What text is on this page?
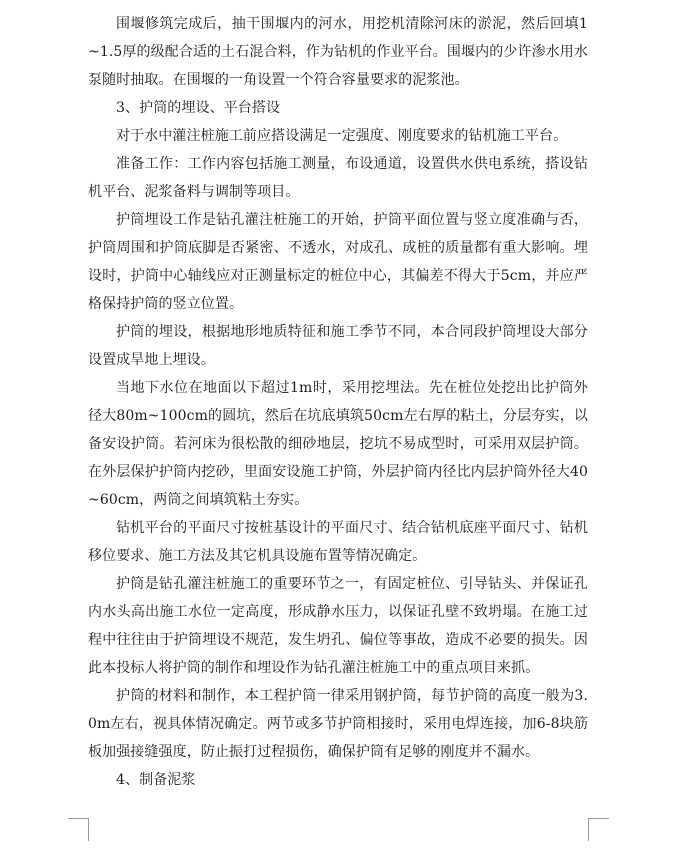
围堰修筑完成后，抽干围堰内的河水，用挖机清除河床的淤泥，然后回填1~1.5厚的级配合适的土石混合料，作为钻机的作业平台。围堰内的少许渗水用水泵随时抽取。在围堰的一角设置一个符合容量要求的泥浆池。

3、护筒的埋设、平台搭设

对于水中灌注桩施工前应搭设满足一定强度、刚度要求的钻机施工平台。

准备工作：工作内容包括施工测量，布设通道，设置供水供电系统，搭设钻机平台、泥浆备料与调制等项目。

护筒埋设工作是钻孔灌注桩施工的开始，护筒平面位置与竖立度准确与否，护筒周围和护筒底脚是否紧密、不透水，对成孔、成桩的质量都有重大影响。埋设时，护筒中心轴线应对正测量标定的桩位中心，其偏差不得大于5cm，并应严格保持护筒的竖立位置。

护筒的埋设，根据地形地质特征和施工季节不同，本合同段护筒埋设大部分设置成旱地上埋设。

当地下水位在地面以下超过1m时，采用挖埋法。先在桩位处挖出比护筒外径大80m~100cm的圆坑，然后在坑底填筑50cm左右厚的粘土，分层夯实，以备安设护筒。若河床为很松散的细砂地层，挖坑不易成型时，可采用双层护筒。在外层保护护筒内挖砂，里面安设施工护筒，外层护筒内径比内层护筒外径大40~60cm，两筒之间填筑粘土夯实。

钻机平台的平面尺寸按桩基设计的平面尺寸、结合钻机底座平面尺寸、钻机移位要求、施工方法及其它机具设施布置等情况确定。

护筒是钻孔灌注桩施工的重要环节之一，有固定桩位、引导钻头、并保证孔内水头高出施工水位一定高度，形成静水压力，以保证孔壁不致坍塌。在施工过程中往往由于护筒埋设不规范，发生坍孔、偏位等事故，造成不必要的损失。因此本投标人将护筒的制作和埋设作为钻孔灌注桩施工中的重点项目来抓。

护筒的材料和制作，本工程护筒一律采用钢护筒，每节护筒的高度一般为3.0m左右，视具体情况确定。两节或多节护筒相接时，采用电焊连接，加6-8块筋板加强接缝强度，防止振打过程损伤，确保护筒有足够的刚度并不漏水。

4、制备泥浆
